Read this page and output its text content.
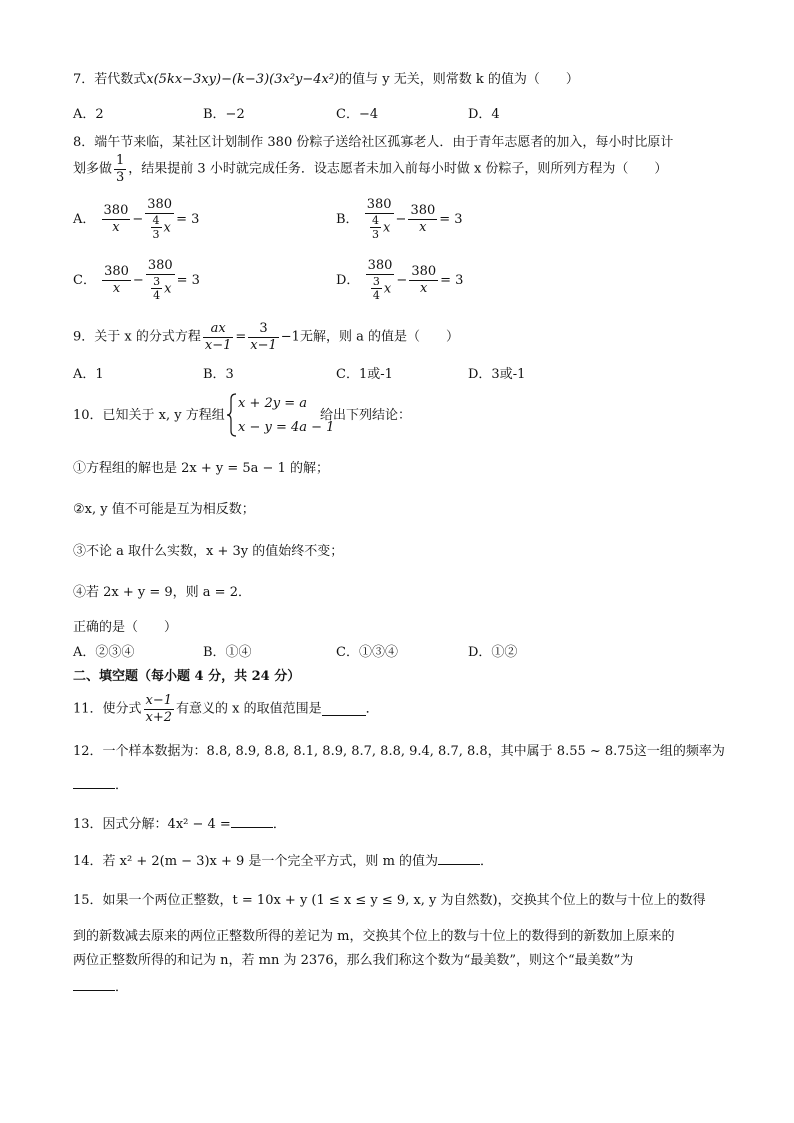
7．若代数式x(5kx−3xy)−(k−3)(3x²y−4x²)的值与 y 无关，则常数 k 的值为（　　）
A．2	B．−2	C．−4	D．4
8．端午节来临，某社区计划制作 380 份粽子送给社区孤寡老人．由于青年志愿者的加入，每小时比原计
划多做 $\frac{1}{3}$ ，结果提前 3 小时就完成任务．设志愿者未加入前每小时做 x 份粽子，则所列方程为（　　）
A． $\frac{380}{x} - \frac{380}{\frac{4}{3} x} = 3$	B． $\frac{380}{\frac{4}{3} x} - \frac{380}{x} = 3$
C． $\frac{380}{x} - \frac{380}{\frac{3}{4} x} = 3$	D． $\frac{380}{\frac{3}{4} x} - \frac{380}{x} = 3$
9．关于 x 的分式方程 $\frac{ax}{x-1} = \frac{3}{x-1} -1$无解，则 a 的值是（　　）
A．1	B．3	C．1或-1	D．3或-1
10．已知关于 x, y 方程组
x + 2y = a
x − y = 4a − 1
给出下列结论：
①方程组的解也是 2x + y = 5a − 1 的解；
②x, y 值不可能是互为相反数；
③不论 a 取什么实数，x + 3y 的值始终不变；
④若 2x + y = 9，则 a = 2．
正确的是（　　）
A．②③④	B．①④	C．①③④	D．①②
二、填空题（每小题 4 分，共 24 分）
11．使分式 $\frac{x-1}{x+2}$ 有意义的 x 的取值范围是	．
12．一个样本数据为：8.8, 8.9, 8.8, 8.1, 8.9, 8.7, 8.8, 9.4, 8.7, 8.8，其中属于 8.55 ~ 8.75这一组的频率为
．
13．因式分解：4x² − 4 =	．
14．若 x² + 2(m − 3)x + 9 是一个完全平方式，则 m 的值为	．
15．如果一个两位正整数，t = 10x + y (1 ≤ x ≤ y ≤ 9, x, y 为自然数)，交换其个位上的数与十位上的数得
到的新数减去原来的两位正整数所得的差记为 m，交换其个位上的数与十位上的数得到的新数加上原来的
两位正整数所得的和记为 n，若 mn 为 2376，那么我们称这个数为“最美数”，则这个“最美数”为
．
